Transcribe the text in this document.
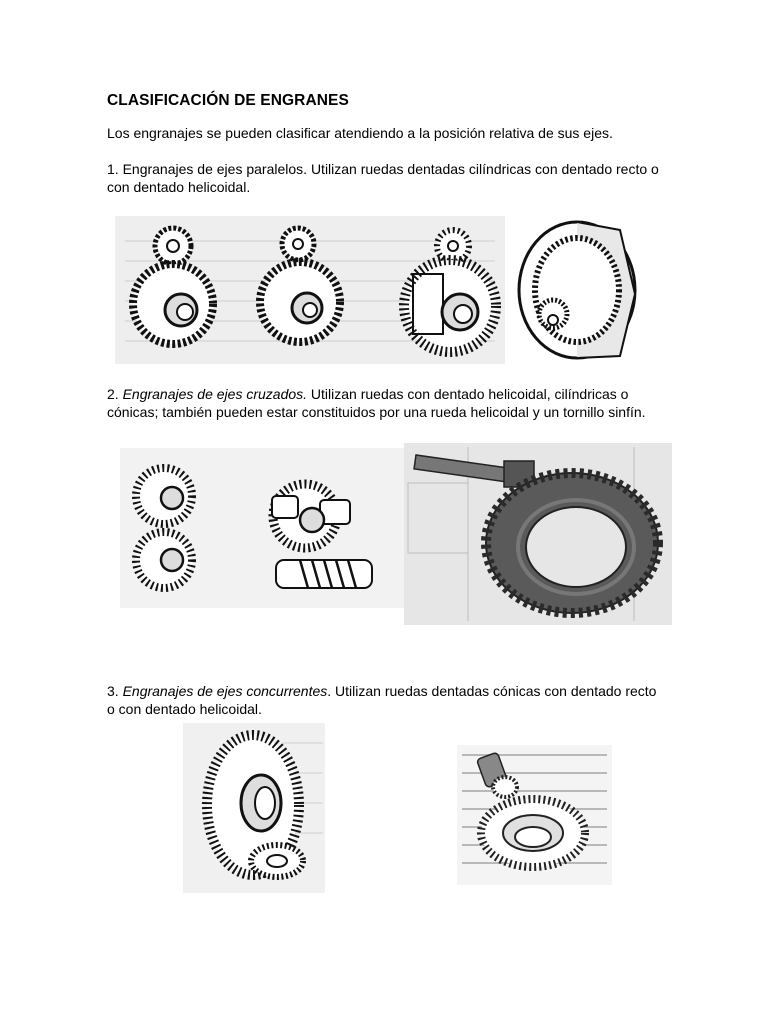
CLASIFICACIÓN DE ENGRANES

Los engranajes se pueden clasificar atendiendo a la posición relativa de sus ejes.

1. Engranajes de ejes paralelos. Utilizan ruedas dentadas cilíndricas con dentado recto o con dentado helicoidal.

2. Engranajes de ejes cruzados. Utilizan ruedas con dentado helicoidal, cilíndricas o cónicas; también pueden estar constituidos por una rueda helicoidal y un tornillo sinfín.

3. Engranajes de ejes concurrentes. Utilizan ruedas dentadas cónicas con dentado recto o con dentado helicoidal.
